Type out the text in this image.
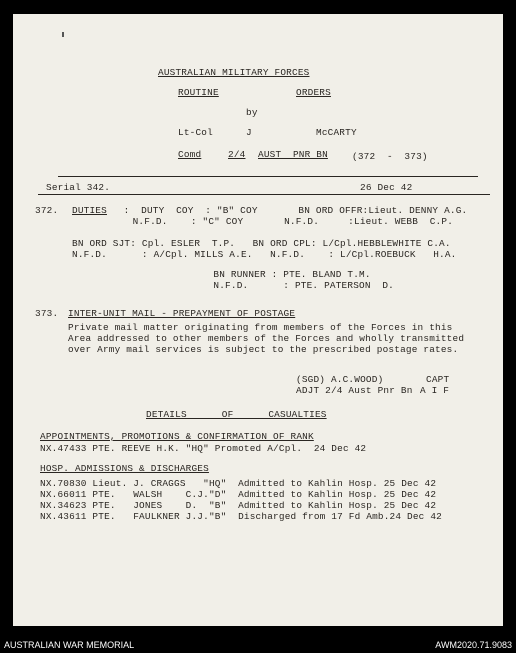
AUSTRALIAN MILITARY FORCES
ROUTINE	ORDERS
by
Lt-Col	J	McCARTY
Comd	2/4 AUST  PNR BN	(372  -  373)
Serial 342.	26 Dec 42
372. DUTIES :  DUTY  COY  : "B" COY       BN ORD OFFR:Lieut. DENNY A.G.
N.F.D.    : "C" COY       N.F.D.     :Lieut. WEBB  C.P.
BN ORD SJT: Cpl. ESLER  T.P.   BN ORD CPL: L/Cpl.HEBBLEWHITE C.A.
N.F.D.      : A/Cpl. MILLS A.E.   N.F.D.    : L/Cpl.ROEBUCK   H.A.
BN RUNNER : PTE. BLAND T.M.
N.F.D.      : PTE. PATERSON  D.
373. INTER-UNIT MAIL - PREPAYMENT OF POSTAGE
Private mail matter originating from members of the Forces in this
Area addressed to other members of the Forces and wholly transmitted
over Army mail services is subject to the prescribed postage rates.
(SGD) A.C.WOOD)	CAPT
ADJT 2/4 Aust Pnr Bn A I F
DETAILS      OF      CASUALTIES
APPOINTMENTS, PROMOTIONS & CONFIRMATION OF RANK
NX.47433 PTE. REEVE H.K. "HQ" Promoted A/Cpl.  24 Dec 42
HOSP. ADMISSIONS & DISCHARGES
NX.70830 Lieut. J. CRAGGS   "HQ"  Admitted to Kahlin Hosp. 25 Dec 42
NX.66011 PTE.   WALSH    C.J."D"  Admitted to Kahlin Hosp. 25 Dec 42
NX.34623 PTE.   JONES    D.  "B"  Admitted to Kahlin Hosp. 25 Dec 42
NX.43611 PTE.   FAULKNER J.J."B"  Discharged from 17 Fd Amb.24 Dec 42
AUSTRALIAN WAR MEMORIAL	AWM2020.71.9083
